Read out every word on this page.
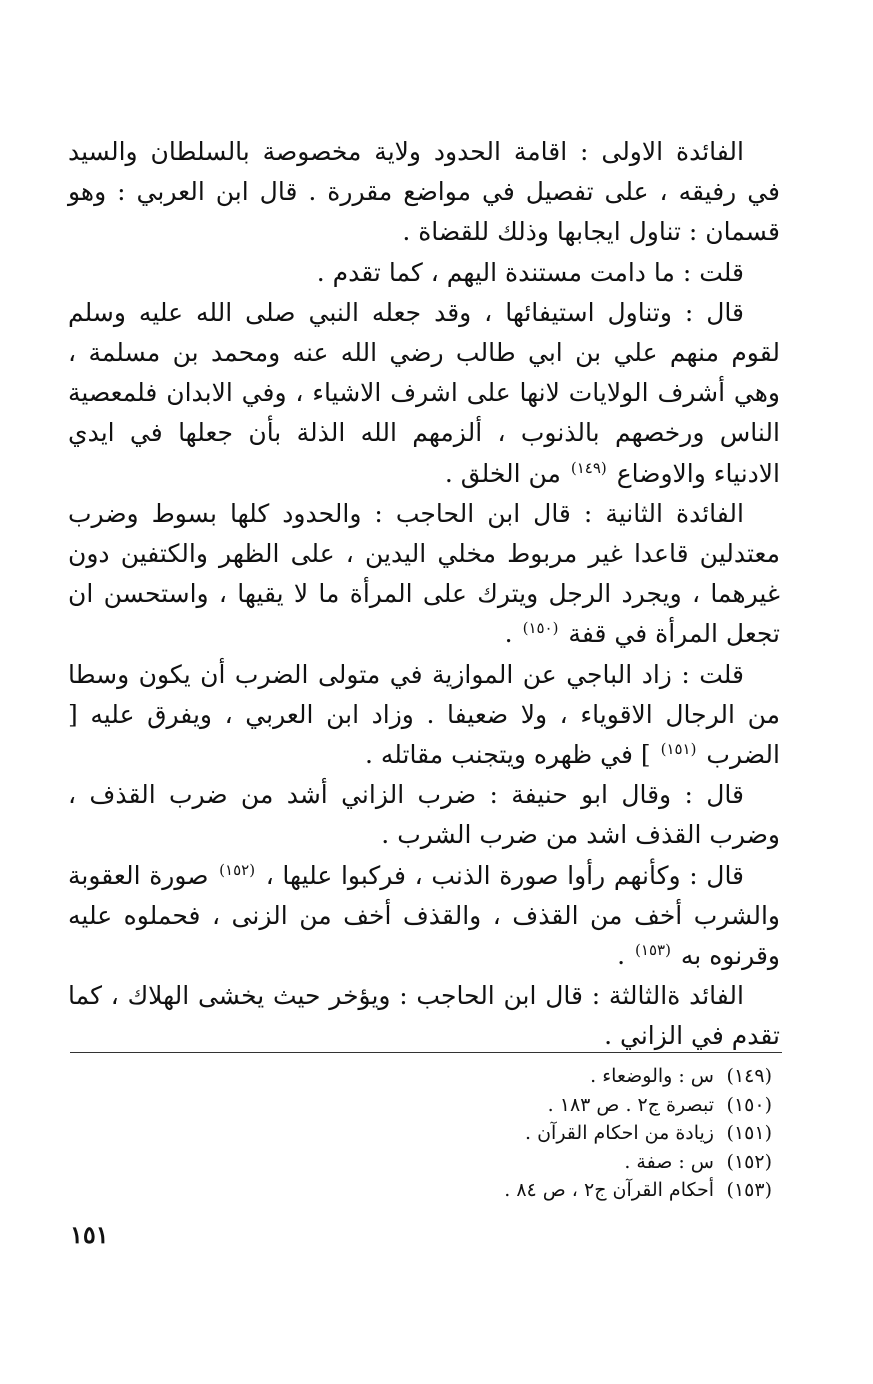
الفائدة الاولى : اقامة الحدود ولاية مخصوصة بالسلطان والسيد في رفيقه ، على تفصيل في مواضع مقررة . قال ابن العربي : وهو قسمان : تناول ايجابها وذلك للقضاة .

قلت : ما دامت مستندة اليهم ، كما تقدم .

قال : وتناول استيفائها ، وقد جعله النبي صلى الله عليه وسلم لقوم منهم علي بن ابي طالب رضي الله عنه ومحمد بن مسلمة ، وهي أشرف الولايات لانها على اشرف الاشياء ، وفي الابدان فلمعصية الناس ورخصهم بالذنوب ، ألزمهم الله الذلة بأن جعلها في ايدي الادنياء والاوضاع $^{(١٤٩)}$ من الخلق .

الفائدة الثانية : قال ابن الحاجب : والحدود كلها بسوط وضرب معتدلين قاعدا غير مربوط مخلي اليدين ، على الظهر والكتفين دون غيرهما ، ويجرد الرجل ويترك على المرأة ما لا يقيها ، واستحسن ان تجعل المرأة في قفة $^{(١٥٠)}$ .

قلت : زاد الباجي عن الموازية في متولى الضرب أن يكون وسطا من الرجال الاقوياء ، ولا ضعيفا . وزاد ابن العربي ، ويفرق عليه [ الضرب $^{(١٥١)}$ ] في ظهره ويتجنب مقاتله .

قال : وقال ابو حنيفة : ضرب الزاني أشد من ضرب القذف ، وضرب القذف اشد من ضرب الشرب .

قال : وكأنهم رأوا صورة الذنب ، فركبوا عليها ، $^{(١٥٢)}$ صورة العقوبة والشرب أخف من القذف ، والقذف أخف من الزنى ، فحملوه عليه وقرنوه به $^{(١٥٣)}$ .

الفائد ةالثالثة : قال ابن الحاجب : ويؤخر حيث يخشى الهلاك ، كما تقدم في الزاني .

(١٤٩)
س : والوضعاء .
(١٥٠)
تبصرة ج٢ . ص ١٨٣ .
(١٥١)
زيادة من احكام القرآن .
(١٥٢)
س : صفة .
(١٥٣)
أحكام القرآن ج٢ ، ص ٨٤ .
١٥١
